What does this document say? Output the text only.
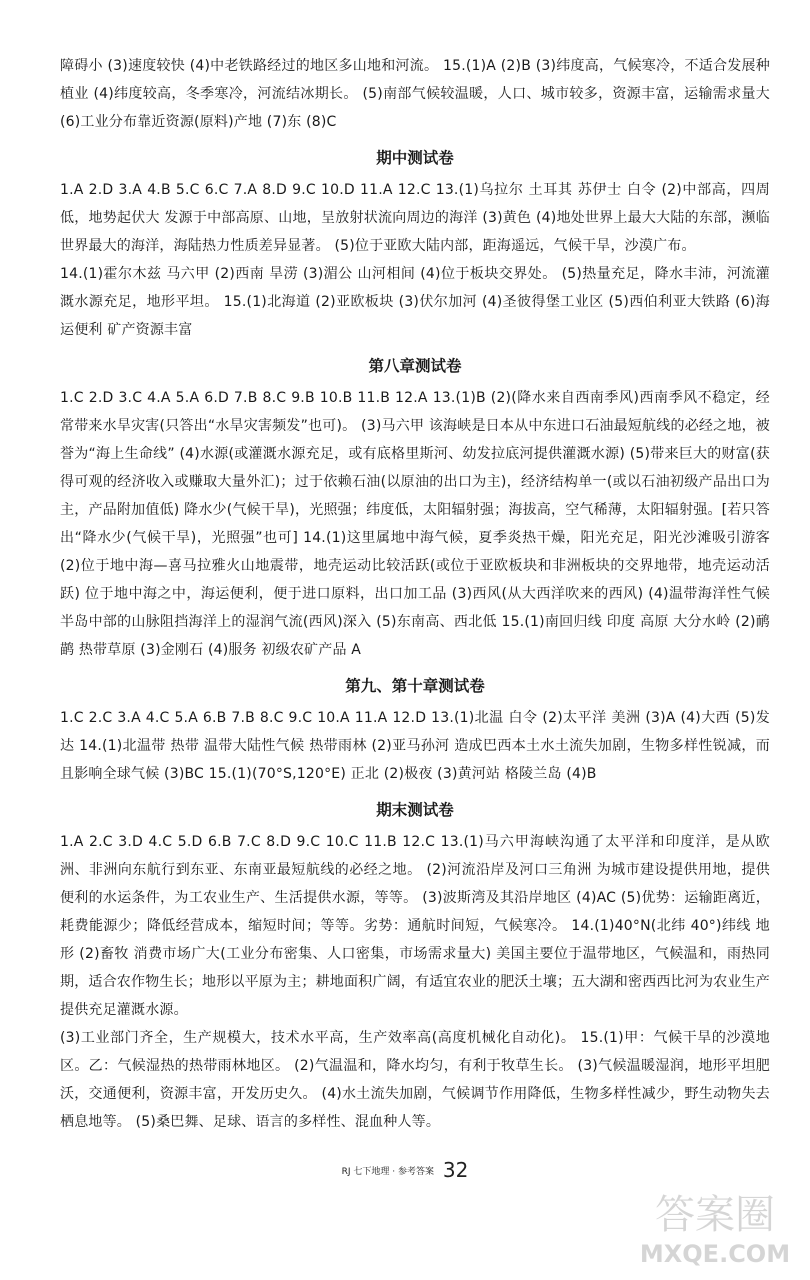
障碍小 (3)速度较快 (4)中老铁路经过的地区多山地和河流。 15.(1)A (2)B (3)纬度高，气候寒冷，不适合发展种植业 (4)纬度较高，冬季寒冷，河流结冰期长。 (5)南部气候较温暖，人口、城市较多，资源丰富，运输需求量大 (6)工业分布靠近资源(原料)产地 (7)东 (8)C

期中测试卷

1.A 2.D 3.A 4.B 5.C 6.C 7.A 8.D 9.C 10.D 11.A 12.C 13.(1)乌拉尔 土耳其 苏伊士 白令 (2)中部高，四周低，地势起伏大 发源于中部高原、山地，呈放射状流向周边的海洋 (3)黄色 (4)地处世界上最大大陆的东部，濒临世界最大的海洋，海陆热力性质差异显著。 (5)位于亚欧大陆内部，距海遥远，气候干旱，沙漠广布。

14.(1)霍尔木兹 马六甲 (2)西南 旱涝 (3)湄公 山河相间 (4)位于板块交界处。 (5)热量充足，降水丰沛，河流灌溉水源充足，地形平坦。 15.(1)北海道 (2)亚欧板块 (3)伏尔加河 (4)圣彼得堡工业区 (5)西伯利亚大铁路 (6)海运便利 矿产资源丰富

第八章测试卷

1.C 2.D 3.C 4.A 5.A 6.D 7.B 8.C 9.B 10.B 11.B 12.A 13.(1)B (2)(降水来自西南季风)西南季风不稳定，经常带来水旱灾害(只答出“水旱灾害频发”也可)。 (3)马六甲 该海峡是日本从中东进口石油最短航线的必经之地，被誉为“海上生命线” (4)水源(或灌溉水源充足，或有底格里斯河、幼发拉底河提供灌溉水源) (5)带来巨大的财富(获得可观的经济收入或赚取大量外汇)；过于依赖石油(以原油的出口为主)，经济结构单一(或以石油初级产品出口为主，产品附加值低) 降水少(气候干旱)，光照强；纬度低，太阳辐射强；海拔高，空气稀薄，太阳辐射强。[若只答出“降水少(气候干旱)，光照强”也可] 14.(1)这里属地中海气候，夏季炎热干燥，阳光充足，阳光沙滩吸引游客 (2)位于地中海—喜马拉雅火山地震带，地壳运动比较活跃(或位于亚欧板块和非洲板块的交界地带，地壳运动活跃) 位于地中海之中，海运便利，便于进口原料，出口加工品 (3)西风(从大西洋吹来的西风) (4)温带海洋性气候 半岛中部的山脉阻挡海洋上的湿润气流(西风)深入 (5)东南高、西北低 15.(1)南回归线 印度 高原 大分水岭 (2)鸸鹋 热带草原 (3)金刚石 (4)服务 初级农矿产品 A

第九、第十章测试卷

1.C 2.C 3.A 4.C 5.A 6.B 7.B 8.C 9.C 10.A 11.A 12.D 13.(1)北温 白令 (2)太平洋 美洲 (3)A (4)大西 (5)发达 14.(1)北温带 热带 温带大陆性气候 热带雨林 (2)亚马孙河 造成巴西本土水土流失加剧，生物多样性锐减，而且影响全球气候 (3)BC 15.(1)(70°S,120°E) 正北 (2)极夜 (3)黄河站 格陵兰岛 (4)B

期末测试卷

1.A 2.C 3.D 4.C 5.D 6.B 7.C 8.D 9.C 10.C 11.B 12.C 13.(1)马六甲海峡沟通了太平洋和印度洋，是从欧洲、非洲向东航行到东亚、东南亚最短航线的必经之地。 (2)河流沿岸及河口三角洲 为城市建设提供用地，提供便利的水运条件，为工农业生产、生活提供水源，等等。 (3)波斯湾及其沿岸地区 (4)AC (5)优势：运输距离近，耗费能源少；降低经营成本，缩短时间；等等。劣势：通航时间短，气候寒冷。 14.(1)40°N(北纬 40°)纬线 地形 (2)畜牧 消费市场广大(工业分布密集、人口密集，市场需求量大) 美国主要位于温带地区，气候温和，雨热同期，适合农作物生长；地形以平原为主；耕地面积广阔，有适宜农业的肥沃土壤；五大湖和密西西比河为农业生产提供充足灌溉水源。

(3)工业部门齐全，生产规模大，技术水平高，生产效率高(高度机械化自动化)。 15.(1)甲：气候干旱的沙漠地区。乙：气候湿热的热带雨林地区。 (2)气温温和，降水均匀，有利于牧草生长。 (3)气候温暖湿润，地形平坦肥沃，交通便利，资源丰富，开发历史久。 (4)水土流失加剧，气候调节作用降低，生物多样性减少，野生动物失去栖息地等。 (5)桑巴舞、足球、语言的多样性、混血种人等。

RJ 七下地理 · 参考答案 32
答案圈
MXQE.COM
